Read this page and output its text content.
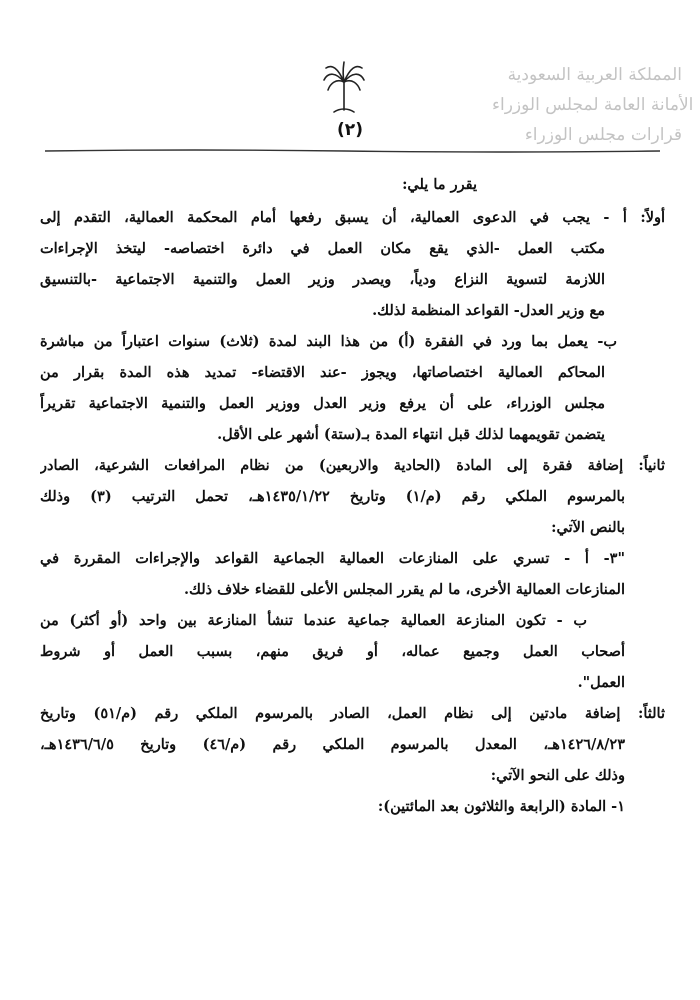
المملكة العربية السعودية
الأمانة العامة لمجلس الوزراء
قرارات مجلس الوزراء
(٢)
يقرر ما يلي:
أولاً: أ - يجب في الدعوى العمالية، أن يسبق رفعها أمام المحكمة العمالية، التقدم إلى
مكتب العمل -الذي يقع مكان العمل في دائرة اختصاصه- ليتخذ الإجراءات
اللازمة لتسوية النزاع ودياً، ويصدر وزير العمل والتنمية الاجتماعية -بالتنسيق
مع وزير العدل- القواعد المنظمة لذلك.
ب- يعمل بما ورد في الفقرة (أ) من هذا البند لمدة (ثلاث) سنوات اعتباراً من مباشرة
المحاكم العمالية اختصاصاتها، ويجوز -عند الاقتضاء- تمديد هذه المدة بقرار من
مجلس الوزراء، على أن يرفع وزير العدل ووزير العمل والتنمية الاجتماعية تقريراً
يتضمن تقويمهما لذلك قبل انتهاء المدة بـ(ستة) أشهر على الأقل.
ثانياً: إضافة فقرة إلى المادة (الحادية والاربعين) من نظام المرافعات الشرعية، الصادر
بالمرسوم الملكي رقم (م/١) وتاريخ ١٤٣٥/١/٢٢هـ، تحمل الترتيب (٣) وذلك
بالنص الآتي:
"٣- أ - تسري على المنازعات العمالية الجماعية القواعد والإجراءات المقررة في
المنازعات العمالية الأخرى، ما لم يقرر المجلس الأعلى للقضاء خلاف ذلك.
ب - تكون المنازعة العمالية جماعية عندما تنشأ المنازعة بين واحد (أو أكثر) من
أصحاب العمل وجميع عماله، أو فريق منهم، بسبب العمل أو شروط
العمل".
ثالثاً: إضافة مادتين إلى نظام العمل، الصادر بالمرسوم الملكي رقم (م/٥١) وتاريخ
١٤٢٦/٨/٢٣هـ، المعدل بالمرسوم الملكي رقم (م/٤٦) وتاريخ ١٤٣٦/٦/٥هـ،
وذلك على النحو الآتي:
١- المادة (الرابعة والثلاثون بعد المائتين):
